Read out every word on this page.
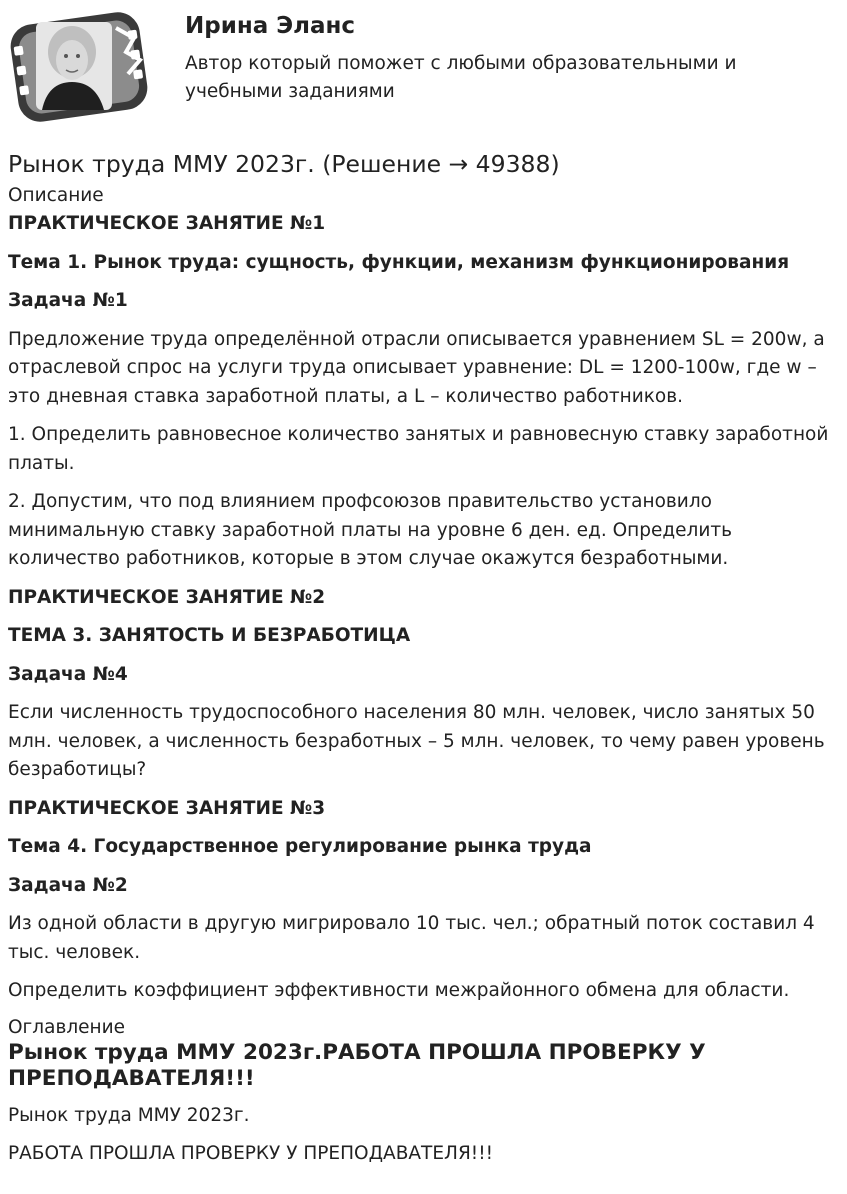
Ирина Эланс

Автор который поможет с любыми образовательными и учебными заданиями

Рынок труда ММУ 2023г. (Решение → 49388)

Описание

ПРАКТИЧЕСКОЕ ЗАНЯТИЕ №1

Тема 1. Рынок труда: сущность, функции, механизм функционирования

Задача №1

Предложение труда определённой отрасли описывается уравнением SL = 200w, а отраслевой спрос на услуги труда описывает уравнение: DL = 1200-100w, где w – это дневная ставка заработной платы, а L – количество работников.

1. Определить равновесное количество занятых и равновесную ставку заработной платы.

2. Допустим, что под влиянием профсоюзов правительство установило минимальную ставку заработной платы на уровне 6 ден. ед. Определить количество работников, которые в этом случае окажутся безработными.

ПРАКТИЧЕСКОЕ ЗАНЯТИЕ №2

ТЕМА 3. ЗАНЯТОСТЬ И БЕЗРАБОТИЦА

Задача №4

Если численность трудоспособного населения 80 млн. человек, число занятых 50 млн. человек, а численность безработных – 5 млн. человек, то чему равен уровень безработицы?

ПРАКТИЧЕСКОЕ ЗАНЯТИЕ №3

Тема 4. Государственное регулирование рынка труда

Задача №2

Из одной области в другую мигрировало 10 тыс. чел.; обратный поток составил 4 тыс. человек.

Определить коэффициент эффективности межрайонного обмена для области.

Оглавление

Рынок труда ММУ 2023г.РАБОТА ПРОШЛА ПРОВЕРКУ У ПРЕПОДАВАТЕЛЯ!!!

Рынок труда ММУ 2023г.

РАБОТА ПРОШЛА ПРОВЕРКУ У ПРЕПОДАВАТЕЛЯ!!!
